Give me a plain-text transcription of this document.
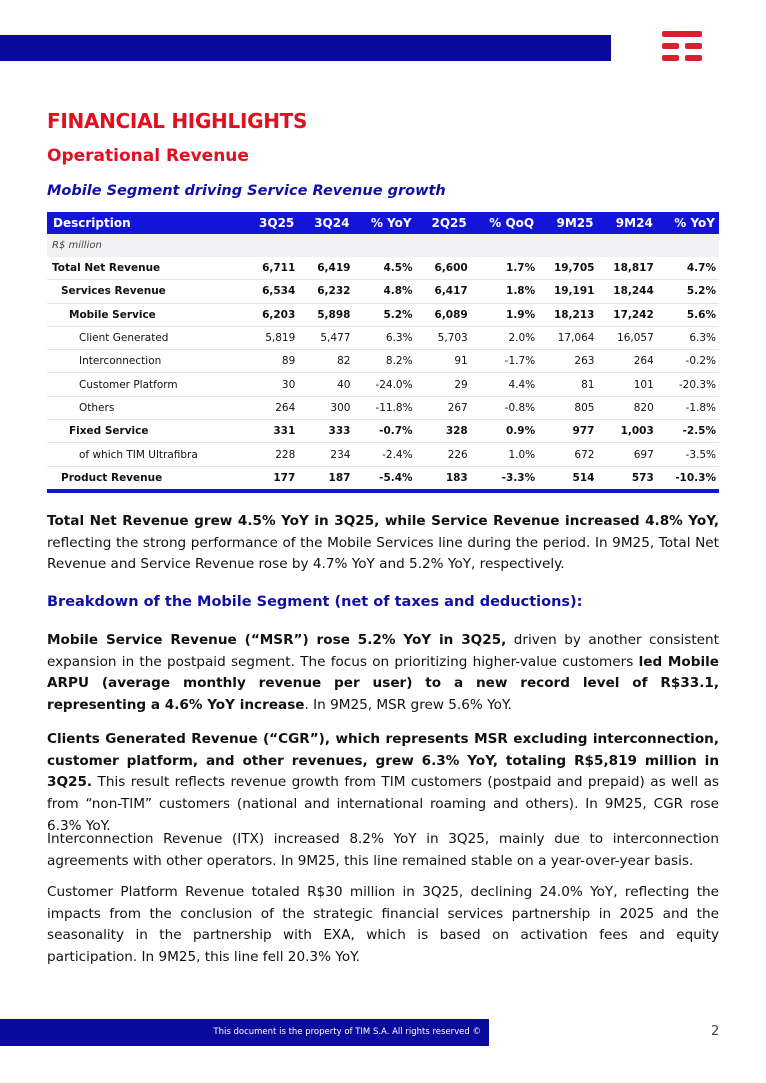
FINANCIAL HIGHLIGHTS
Operational Revenue
Mobile Segment driving Service Revenue growth
Description	3Q25	3Q24	% YoY	2Q25	% QoQ	9M25	9M24	% YoY
R$ million								
Total Net Revenue	6,711	6,419	4.5%	6,600	1.7%	19,705	18,817	4.7%
Services Revenue	6,534	6,232	4.8%	6,417	1.8%	19,191	18,244	5.2%
Mobile Service	6,203	5,898	5.2%	6,089	1.9%	18,213	17,242	5.6%
Client Generated	5,819	5,477	6.3%	5,703	2.0%	17,064	16,057	6.3%
Interconnection	89	82	8.2%	91	-1.7%	263	264	-0.2%
Customer Platform	30	40	-24.0%	29	4.4%	81	101	-20.3%
Others	264	300	-11.8%	267	-0.8%	805	820	-1.8%
Fixed Service	331	333	-0.7%	328	0.9%	977	1,003	-2.5%
of which TIM Ultrafibra	228	234	-2.4%	226	1.0%	672	697	-3.5%
Product Revenue	177	187	-5.4%	183	-3.3%	514	573	-10.3%

Total Net Revenue grew 4.5% YoY in 3Q25, while Service Revenue increased 4.8% YoY, reflecting the strong performance of the Mobile Services line during the period. In 9M25, Total Net Revenue and Service Revenue rose by 4.7% YoY and 5.2% YoY, respectively.

Breakdown of the Mobile Segment (net of taxes and deductions):

Mobile Service Revenue (“MSR”) rose 5.2% YoY in 3Q25, driven by another consistent expansion in the postpaid segment. The focus on prioritizing higher-value customers led Mobile ARPU (average monthly revenue per user) to a new record level of R$33.1, representing a 4.6% YoY increase. In 9M25, MSR grew 5.6% YoY.

Clients Generated Revenue (“CGR”), which represents MSR excluding interconnection, customer platform, and other revenues, grew 6.3% YoY, totaling R$5,819 million in 3Q25. This result reflects revenue growth from TIM customers (postpaid and prepaid) as well as from “non-TIM” customers (national and international roaming and others). In 9M25, CGR rose 6.3% YoY.

Interconnection Revenue (ITX) increased 8.2% YoY in 3Q25, mainly due to interconnection agreements with other operators. In 9M25, this line remained stable on a year-over-year basis.

Customer Platform Revenue totaled R$30 million in 3Q25, declining 24.0% YoY, reflecting the impacts from the conclusion of the strategic financial services partnership in 2025 and the seasonality in the partnership with EXA, which is based on activation fees and equity participation. In 9M25, this line fell 20.3% YoY.

This document is the property of TIM S.A. All rights reserved ©	2
